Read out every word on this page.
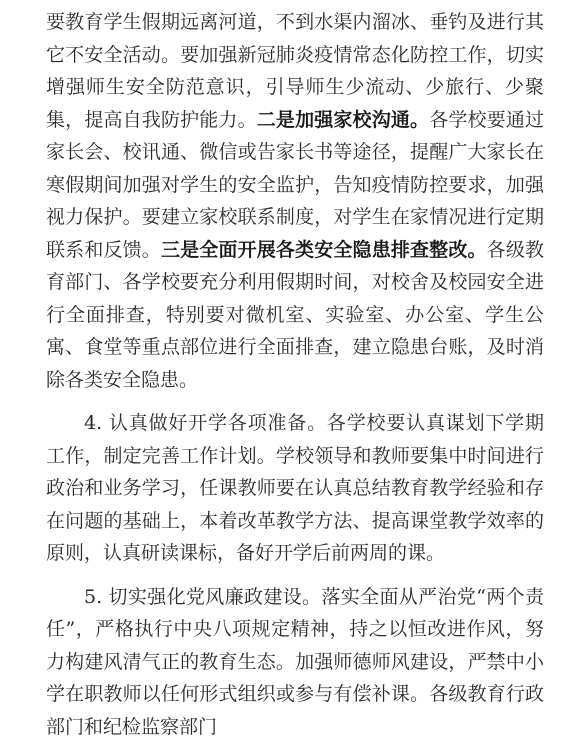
要教育学生假期远离河道，不到水渠内溜冰、垂钓及进行其它不安全活动。要加强新冠肺炎疫情常态化防控工作，切实增强师生安全防范意识，引导师生少流动、少旅行、少聚集，提高自我防护能力。二是加强家校沟通。各学校要通过家长会、校讯通、微信或告家长书等途径，提醒广大家长在寒假期间加强对学生的安全监护，告知疫情防控要求，加强视力保护。要建立家校联系制度，对学生在家情况进行定期联系和反馈。三是全面开展各类安全隐患排查整改。各级教育部门、各学校要充分利用假期时间，对校舍及校园安全进行全面排查，特别要对微机室、实验室、办公室、学生公寓、食堂等重点部位进行全面排查，建立隐患台账，及时消除各类安全隐患。

4. 认真做好开学各项准备。各学校要认真谋划下学期工作，制定完善工作计划。学校领导和教师要集中时间进行政治和业务学习，任课教师要在认真总结教育教学经验和存在问题的基础上，本着改革教学方法、提高课堂教学效率的原则，认真研读课标，备好开学后前两周的课。

5. 切实强化党风廉政建设。落实全面从严治党“两个责任”，严格执行中央八项规定精神，持之以恒改进作风，努力构建风清气正的教育生态。加强师德师风建设，严禁中小学在职教师以任何形式组织或参与有偿补课。各级教育行政部门和纪检监察部门
